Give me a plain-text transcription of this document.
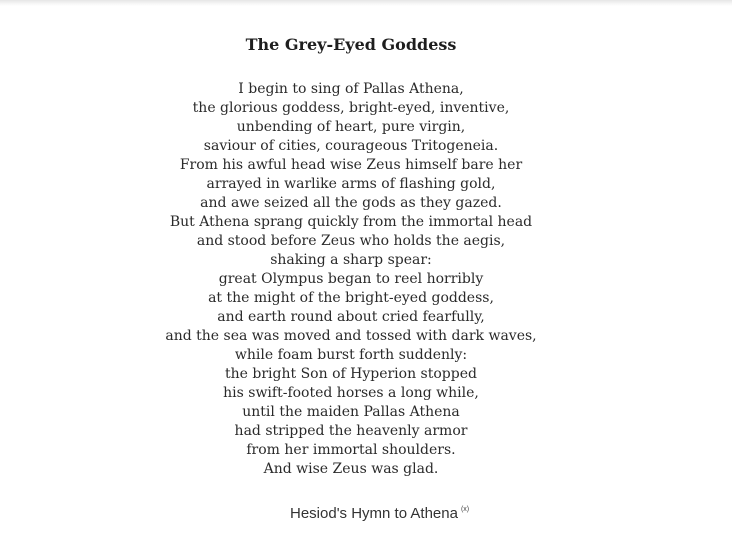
The Grey-Eyed Goddess
I begin to sing of Pallas Athena,
the glorious goddess, bright-eyed, inventive,
unbending of heart, pure virgin,
saviour of cities, courageous Tritogeneia.
From his awful head wise Zeus himself bare her
arrayed in warlike arms of flashing gold,
and awe seized all the gods as they gazed.
But Athena sprang quickly from the immortal head
and stood before Zeus who holds the aegis,
shaking a sharp spear:
great Olympus began to reel horribly
at the might of the bright-eyed goddess,
and earth round about cried fearfully,
and the sea was moved and tossed with dark waves,
while foam burst forth suddenly:
the bright Son of Hyperion stopped
his swift-footed horses a long while,
until the maiden Pallas Athena
had stripped the heavenly armor
from her immortal shoulders.
And wise Zeus was glad.
Hesiod's Hymn to Athena $^{(x)}$
